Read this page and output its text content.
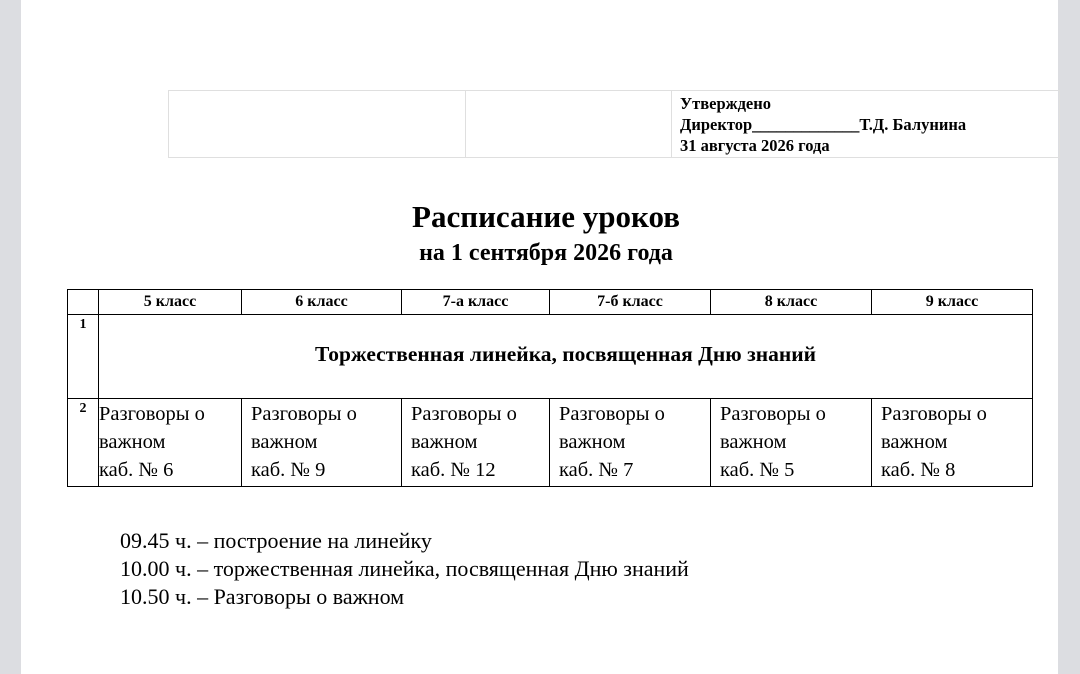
Утверждено
Директор_____________Т.Д. Балунина
31 августа 2026 года
Расписание уроков
на 1 сентября 2026 года
	5 класс	6 класс	7-а класс	7-б класс	8 класс	9 класс
1	Торжественная линейка, посвященная Дню знаний					
2	Разговоры о
важном
каб. № 6	Разговоры о
важном
каб. № 9	Разговоры о
важном
каб. № 12	Разговоры о
важном
каб. № 7	Разговоры о
важном
каб. № 5	Разговоры о
важном
каб. № 8
09.45 ч. – построение на линейку
10.00 ч. – торжественная линейка, посвященная Дню знаний
10.50 ч. – Разговоры о важном
